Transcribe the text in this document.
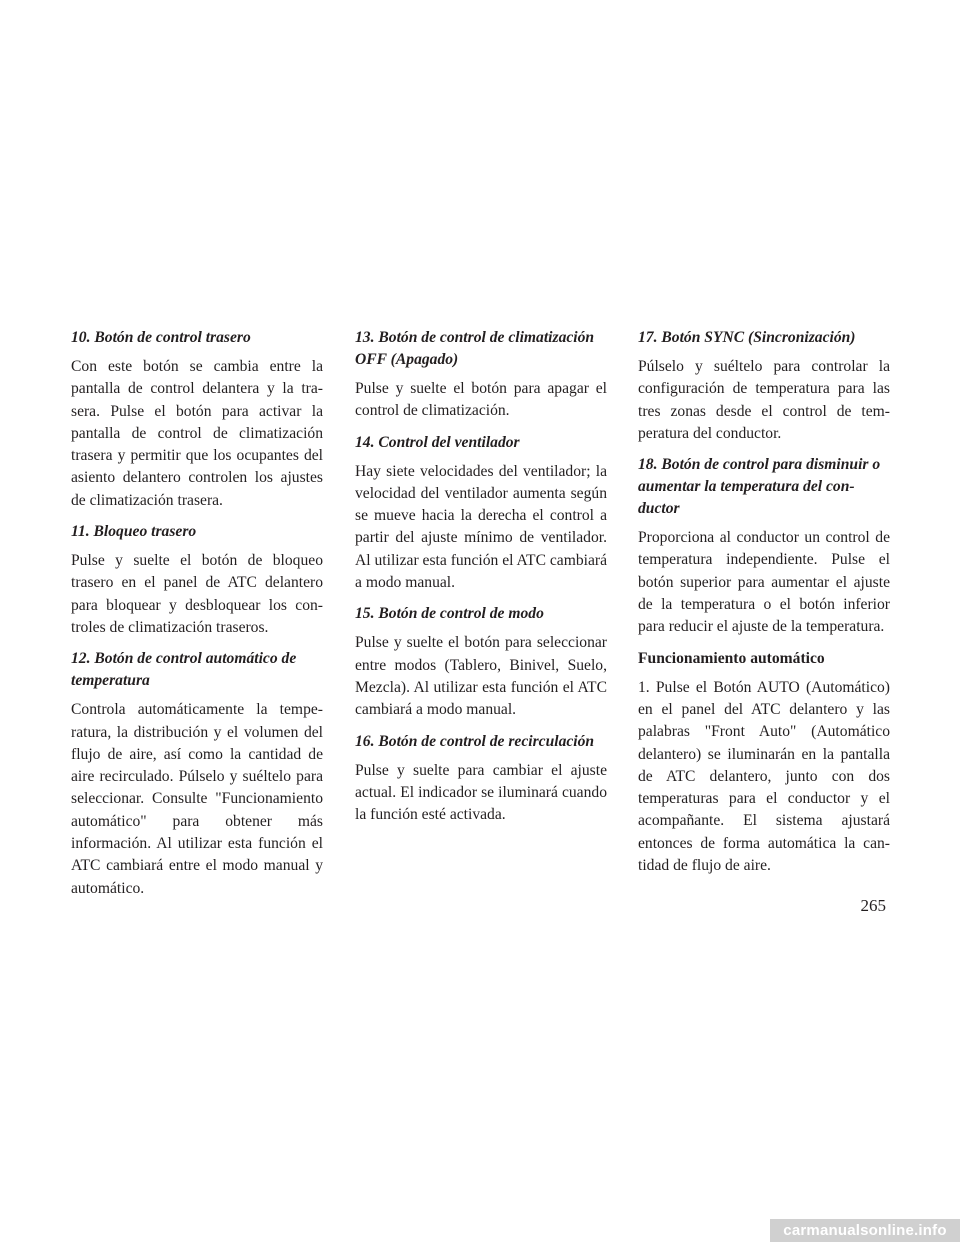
10. Botón de control trasero

Con este botón se cambia entre la pantalla de control delantera y la trasera. Pulse el botón para activar la pantalla de control de climatización trasera y permitir que los ocupantes del asiento delantero controlen los ajustes de climatización trasera.

11. Bloqueo trasero

Pulse y suelte el botón de bloqueo trasero en el panel de ATC delantero para bloquear y desbloquear los controles de climatización traseros.

12. Botón de control automático de temperatura

Controla automáticamente la temperatura, la distribución y el volumen del flujo de aire, así como la cantidad de aire recirculado. Púlselo y suéltelo para seleccionar. Consulte "Funcionamiento automático" para obtener más información. Al utilizar esta función el ATC cambiará entre el modo manual y automático.

13. Botón de control de climatización OFF (Apagado)

Pulse y suelte el botón para apagar el control de climatización.

14. Control del ventilador

Hay siete velocidades del ventilador; la velocidad del ventilador aumenta según se mueve hacia la derecha el control a partir del ajuste mínimo de ventilador. Al utilizar esta función el ATC cambiará a modo manual.

15. Botón de control de modo

Pulse y suelte el botón para seleccionar entre modos (Tablero, Binivel, Suelo, Mezcla). Al utilizar esta función el ATC cambiará a modo manual.

16. Botón de control de recirculación

Pulse y suelte para cambiar el ajuste actual. El indicador se iluminará cuando la función esté activada.

17. Botón SYNC (Sincronización)

Púlselo y suéltelo para controlar la configuración de temperatura para las tres zonas desde el control de temperatura del conductor.

18. Botón de control para disminuir o aumentar la temperatura del conductor

Proporciona al conductor un control de temperatura independiente. Pulse el botón superior para aumentar el ajuste de la temperatura o el botón inferior para reducir el ajuste de la temperatura.

Funcionamiento automático

1. Pulse el Botón AUTO (Automático) en el panel del ATC delantero y las palabras "Front Auto" (Automático delantero) se iluminarán en la pantalla de ATC delantero, junto con dos temperaturas para el conductor y el acompañante. El sistema ajustará entonces de forma automática la cantidad de flujo de aire.

265
carmanualsonline.info
